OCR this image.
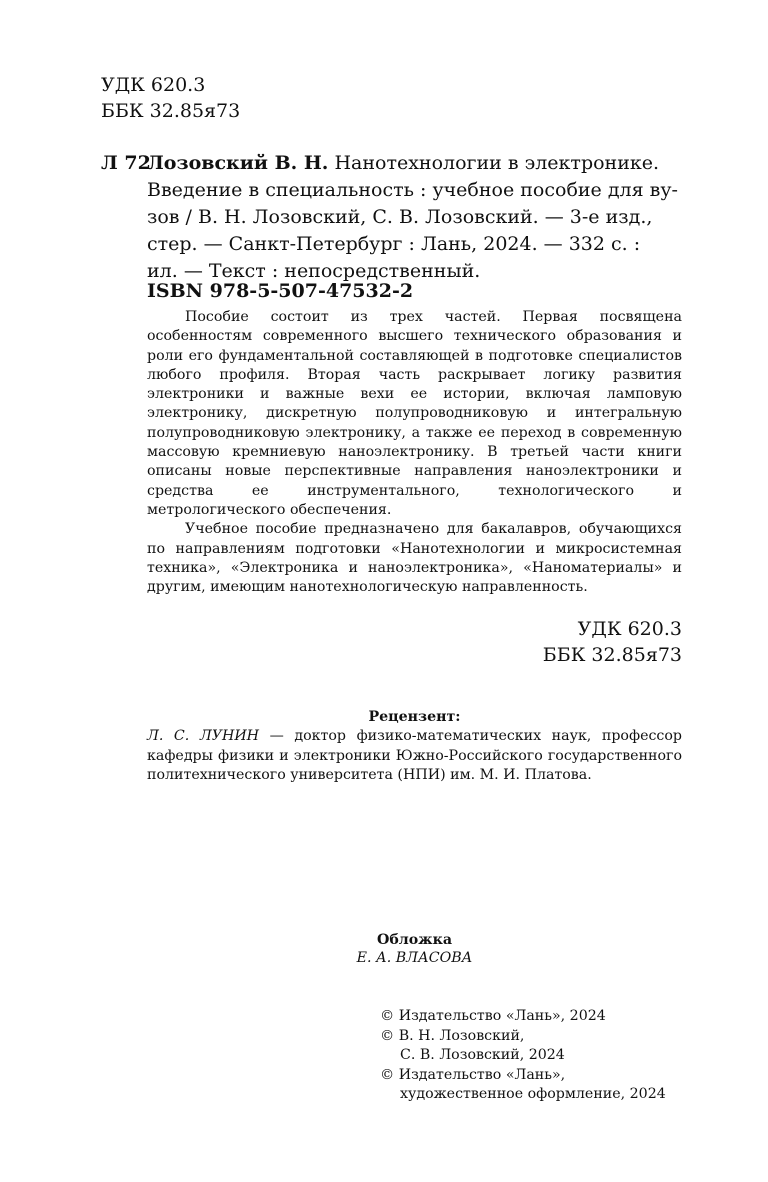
УДК 620.3
ББК 32.85я73
Л 72
Лозовский В. Н. Нанотехнологии в электронике.
Введение в специальность : учебное пособие для ву-
зов / В. Н. Лозовский, С. В. Лозовский. — 3-е изд.,
стер. — Санкт-Петербург : Лань, 2024. — 332 с. :
ил. — Текст : непосредственный.
ISBN 978-5-507-47532-2

Пособие состоит из трех частей. Первая посвящена особенностям современного высшего технического образования и роли его фундаментальной составляющей в подготовке специалистов любого профиля. Вторая часть раскрывает логику развития электроники и важные вехи ее истории, включая ламповую электронику, дискретную полупроводниковую и интегральную полупроводниковую электронику, а также ее переход в современную массовую кремниевую наноэлектронику. В третьей части книги описаны новые перспективные направления наноэлектроники и средства ее инструментального, технологического и метрологического обеспечения.

Учебное пособие предназначено для бакалавров, обучающихся по направлениям подготовки «Нанотехнологии и микросистемная техника», «Электроника и наноэлектроника», «Наноматериалы» и другим, имеющим нанотехнологическую направленность.

УДК 620.3
ББК 32.85я73
Рецензент:
Л. С. ЛУНИН — доктор физико-математических наук, профессор кафедры физики и электроники Южно-Российского государственного политехнического университета (НПИ) им. М. И. Платова.
Обложка
Е. А. ВЛАСОВА
© Издательство «Лань», 2024
© В. Н. Лозовский,
С. В. Лозовский, 2024
© Издательство «Лань»,
художественное оформление, 2024
